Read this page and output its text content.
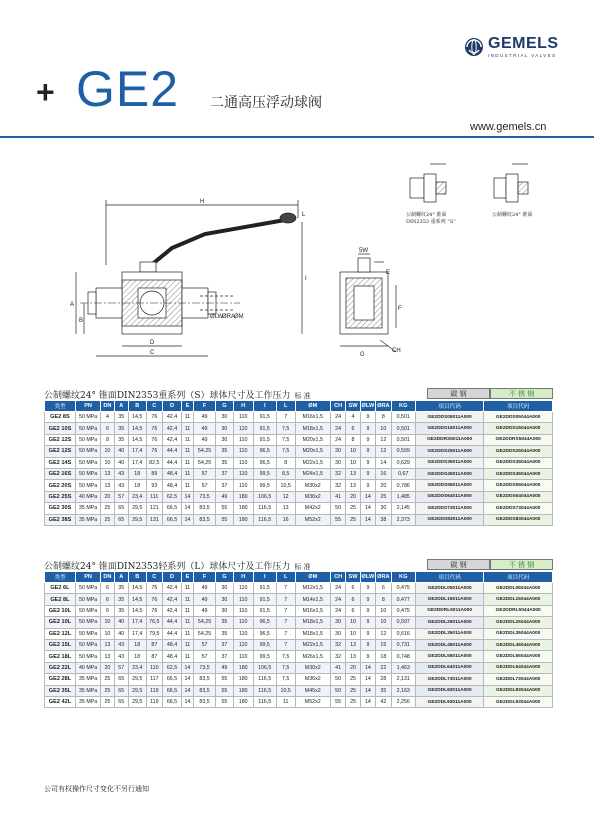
GEMELS
INDUSTRIAL VALVES
+ GE2 二通高压浮动球阀
www.gemels.cn
H
L
I
A
B
D
C
ØLW
ØRA
ØM
5W
E
F
G
CH
公制螺纹24° 锥面
DIN2353 重系列 “S”
公制螺纹24° 锥面
公制螺纹24° 锥面DIN2353重系列（S）球体尺寸及工作压力 标 准	碳 钢	不 锈 钢
类型	PN	DN	A	B	C	D	E	F	G	H	I	L	ØM	CH	SW	ØLW	ØRA	KG	项目代码	项目代码
GE2 8S	50 MPa	4	35	14,5	76	42,4	11	49	30	110	91,5	7	M16x1,5	24	4	9	8	0,501	GE2DDS05011A000	GE2DDS05044A000
GE2 10S	50 MPa	6	35	14,5	76	42,4	11	49	30	110	91,5	7,5	M18x1,5	24	6	9	10	0,501	GE2DDS15011A000	GE2DDS15044A000
GE2 12S	50 MPa	8	35	14,5	76	42,4	11	49	30	110	91,5	7,5	M20x1,5	24	8	9	12	0,501	GE2DDRS5011A000	GE2DDRS5044A000
GE2 12S	50 MPa	10	40	17,4	76	44,4	11	54,25	35	110	96,5	7,5	M20x1,5	30	10	9	12	0,599	GE2DDS25011A000	GE2DDS25044A000
GE2 14S	50 MPa	10	40	17,4	82,5	44,4	11	54,25	35	110	96,5	8	M22x1,5	30	10	9	14	0,629	GE2DDS35011A000	GE2DDS35044A000
GE2 16S	50 MPa	13	43	18	89	48,4	11	57	37	110	99,5	8,5	M24x1,5	32	13	9	16	0,67	GE2DDS45011A000	GE2DDS45044A000
GE2 20S	50 MPa	13	43	18	93	48,4	11	57	37	110	99,5	10,5	M30x2	32	13	9	20	0,786	GE2DDS55011A000	GE2DDS55044A000
GE2 25S	40 MPa	20	57	23,4	111	62,5	14	73,5	49	180	106,5	12	M36x2	41	20	14	25	1,485	GE2DDS64011A000	GE2DDS64044A000
GE2 30S	35 MPa	25	65	29,5	121	66,5	14	83,5	55	180	116,5	13	M42x2	50	25	14	30	2,145	GE2DDS73011A000	GE2DDS73044A000
GE2 38S	35 MPa	25	65	29,5	131	66,5	14	83,5	55	180	116,5	16	M52x2	55	25	14	38	2,373	GE2DDS83011A000	GE2DDS83044A000
公制螺纹24° 锥面DIN2353轻系列（L）球体尺寸及工作压力 标 准	碳 钢	不 锈 钢
类型	PN	DN	A	B	C	D	E	F	G	H	I	L	ØM	CH	SW	ØLW	ØRA	KG	项目代码	项目代码
GE2 6L	50 MPa	6	35	14,5	76	42,4	11	49	30	110	91,5	7	M12x1,5	24	6	9	6	0,475	GE2DDL05011A000	GE2DDL05044A000
GE2 8L	50 MPa	6	35	14,5	76	42,4	11	49	30	110	91,5	7	M14x1,5	24	6	9	8	0,477	GE2DDL15011A000	GE2DDL15044A000
GE2 10L	50 MPa	6	35	14,5	76	42,4	11	49	30	110	91,5	7	M16x1,5	24	6	9	10	0,475	GE2DDRL5011A000	GE2DDRL5044A000
GE2 10L	50 MPa	10	40	17,4	76,5	44,4	11	54,25	35	110	96,5	7	M18x1,5	30	10	9	10	0,597	GE2DDL25011A000	GE2DDL25044A000
GE2 12L	50 MPa	10	40	17,4	79,5	44,4	11	54,25	35	110	96,5	7	M18x1,5	30	10	9	12	0,616	GE2DDL35011A000	GE2DDL35044A000
GE2 15L	50 MPa	13	43	18	87	48,4	11	57	37	110	99,5	7	M22x1,5	32	13	9	15	0,731	GE2DDL45011A000	GE2DDL45044A000
GE2 18L	50 MPa	13	43	18	87	48,4	11	57	37	110	99,5	7,5	M26x1,5	32	13	9	18	0,748	GE2DDL55011A000	GE2DDL55044A000
GE2 22L	40 MPa	20	57	23,4	110	62,5	14	73,5	49	180	106,5	7,5	M30x2	41	20	14	22	1,463	GE2DDL64011A000	GE2DDL64044A000
GE2 28L	35 MPa	25	65	29,5	117	66,5	14	83,5	55	180	116,5	7,5	M36x2	50	25	14	28	2,131	GE2DDL73011A000	GE2DDL73044A000
GE2 35L	35 MPa	25	65	29,5	119	66,5	14	83,5	55	180	116,5	10,5	M45x2	50	25	14	35	2,163	GE2DDL83011A000	GE2DDL83044A000
GE2 42L	35 MPa	25	65	29,5	119	66,5	14	83,5	55	180	116,5	11	M52x2	55	25	14	42	2,256	GE2DDL93011A000	GE2DDL93044A000
公司有权操作尺寸变化不另行通知
